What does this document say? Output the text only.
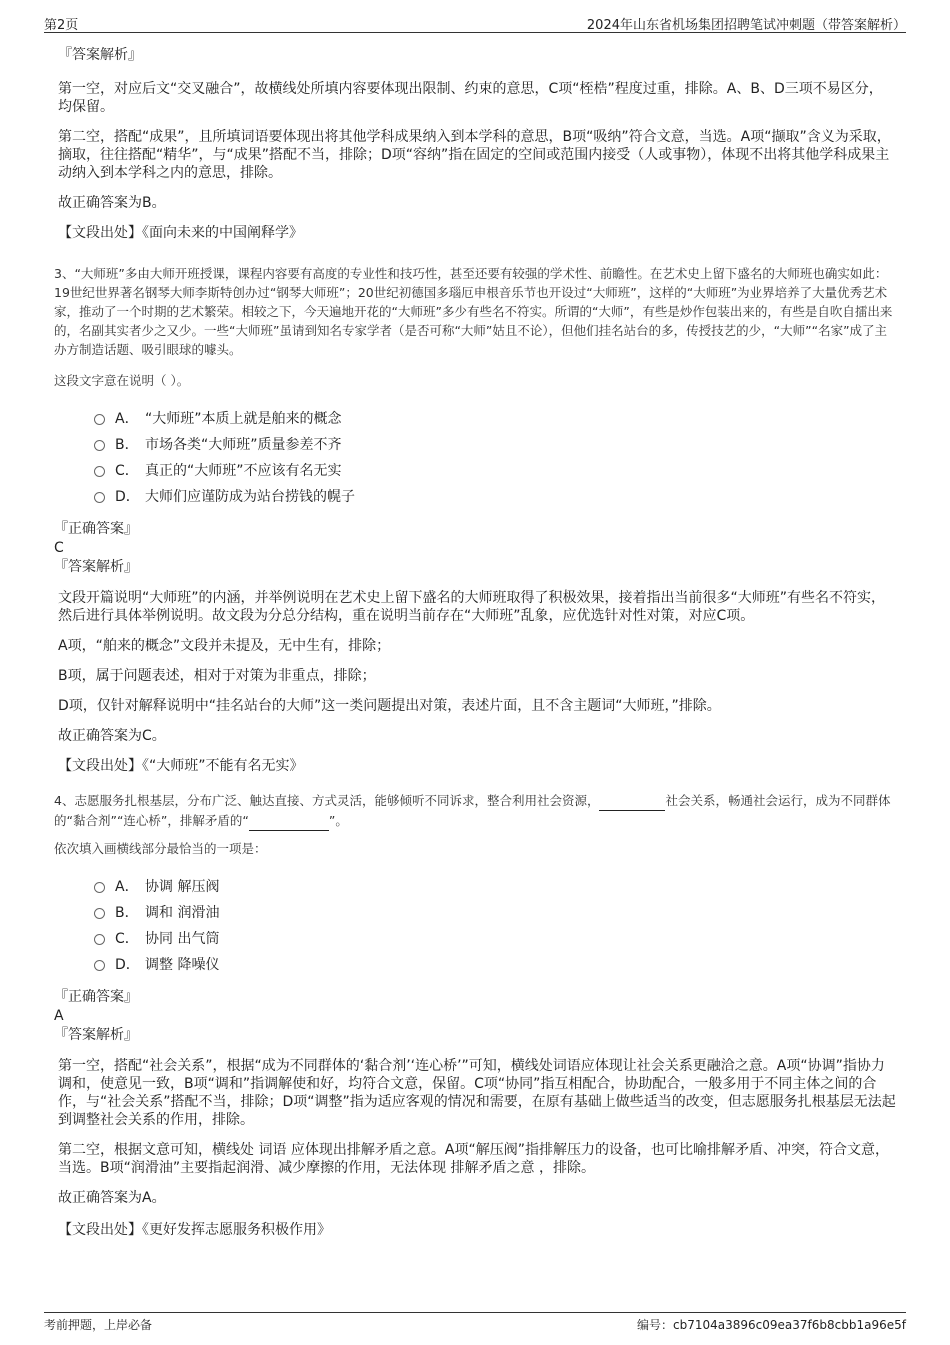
第2页	2024年山东省机场集团招聘笔试冲刺题（带答案解析）

『答案解析』

第一空，对应后文“交叉融合”，故横线处所填内容要体现出限制、约束的意思，C项“桎梏”程度过重，排除。A、B、D三项不易区分，均保留。

第二空，搭配“成果”，且所填词语要体现出将其他学科成果纳入到本学科的意思，B项“吸纳”符合文意，当选。A项“撷取”含义为采取，摘取，往往搭配“精华”，与“成果”搭配不当，排除；D项“容纳”指在固定的空间或范围内接受（人或事物），体现不出将其他学科成果主动纳入到本学科之内的意思，排除。

故正确答案为B。

【文段出处】《面向未来的中国阐释学》

3、“大师班”多由大师开班授课，课程内容要有高度的专业性和技巧性，甚至还要有较强的学术性、前瞻性。在艺术史上留下盛名的大师班也确实如此：19世纪世界著名钢琴大师李斯特创办过“钢琴大师班”；20世纪初德国多瑙厄申根音乐节也开设过“大师班”，这样的“大师班”为业界培养了大量优秀艺术家，推动了一个时期的艺术繁荣。相较之下，今天遍地开花的“大师班”多少有些名不符实。所谓的“大师”，有些是炒作包装出来的，有些是自吹自擂出来的，名副其实者少之又少。一些“大师班”虽请到知名专家学者（是否可称“大师”姑且不论），但他们挂名站台的多，传授技艺的少，“大师”“名家”成了主办方制造话题、吸引眼球的噱头。

这段文字意在说明（ ）。

A． “大师班”本质上就是舶来的概念
B． 市场各类“大师班”质量参差不齐
C． 真正的“大师班”不应该有名无实
D． 大师们应谨防成为站台捞钱的幌子

『正确答案』

C

『答案解析』

文段开篇说明“大师班”的内涵，并举例说明在艺术史上留下盛名的大师班取得了积极效果，接着指出当前很多“大师班”有些名不符实，然后进行具体举例说明。故文段为分总分结构，重在说明当前存在“大师班”乱象，应优选针对性对策，对应C项。

A项，“舶来的概念”文段并未提及，无中生有，排除；

B项，属于问题表述，相对于对策为非重点，排除；

D项，仅针对解释说明中“挂名站台的大师”这一类问题提出对策，表述片面，且不含主题词“大师班，”排除。

故正确答案为C。

【文段出处】《“大师班”不能有名无实》

4、志愿服务扎根基层，分布广泛、触达直接、方式灵活，能够倾听不同诉求，整合利用社会资源，	社会关系，畅通社会运行，成为不同群体的“黏合剂”“连心桥”，排解矛盾的“	”。

依次填入画横线部分最恰当的一项是：

A． 协调 解压阀
B． 调和 润滑油
C． 协同 出气筒
D． 调整 降噪仪

『正确答案』

A

『答案解析』

第一空，搭配“社会关系”，根据“成为不同群体的‘黏合剂’‘连心桥’”可知，横线处词语应体现让社会关系更融洽之意。A项“协调”指协力调和，使意见一致，B项“调和”指调解使和好，均符合文意，保留。C项“协同”指互相配合，协助配合，一般多用于不同主体之间的合作，与“社会关系”搭配不当，排除；D项“调整”指为适应客观的情况和需要，在原有基础上做些适当的改变，但志愿服务扎根基层无法起到调整社会关系的作用，排除。

第二空，根据文意可知，横线处 词语 应体现出排解矛盾之意。A项“解压阀”指排解压力的设备，也可比喻排解矛盾、冲突，符合文意，当选。B项“润滑油”主要指起润滑、减少摩擦的作用，无法体现 排解矛盾之意 ，排除。

故正确答案为A。

【文段出处】《更好发挥志愿服务积极作用》

考前押题，上岸必备	编号：cb7104a3896c09ea37f6b8cbb1a96e5f
